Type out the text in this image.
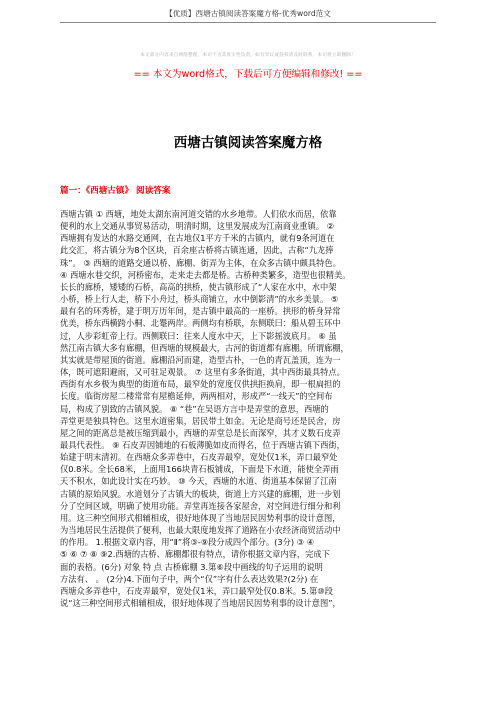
【优质】西塘古镇阅读答案魔方格-优秀word范文
本文部分内容来自网络整理，本司不为其真实性负责，如有异议或侵权请及时联系，本司将立即删除！
== 本文为word格式，下载后可方便编辑和修改! ==
西塘古镇阅读答案魔方格
篇一：《西塘古镇》 阅读答案
西塘古镇 ① 西塘，地处太湖东南河道交错的水乡地带。人们依水而居，依靠
便利的水上交通从事贸易活动，明清时期，这里发展成为江南商业重镇。 ②
西塘拥有发达的水路交通网，在古地仅1平方千米的古镇内，就有9条河道在
此交汇，将古镇分为8个区块，百余座古桥将古镇连通，因此，古称“九龙捧
珠”。 ③ 西塘的道路交通以桥、廊棚、街弄为主体，在众多古镇中颇具特色。
④ 西塘水巷交织，河桥密布，走来走去都是桥。古桥种类繁多，造型也很精美。
长长的廊桥，矮矮的石桥，高高的拱桥，使古镇形成了“人家在水中，水中架
小桥，桥上行人走，桥下小舟过，桥头商铺立，水中倒影清”的水乡美景。 ⑤
最有名的环秀桥，建于明万历年间，是古镇中最高的一座桥。拱形的桥身异常
优美，桥东西横跨小桐、北罨两岸。两侧均有桥联，东侧联曰：船从碧玉环中
过，人步彩虹帝上行。西侧联曰：往来人度水中天，上下影摇波底月。 ⑥ 虽
然江南古镇大多有廊棚，但西塘的规模最大，古河的街道都有廊棚。所谓廊棚，
其实就是带屋顶的街道。廊棚沿河而建，造型古朴，一色的青瓦盖顶，连为一
体，既可遮阳避雨，又可驻足观景。 ⑦ 这里有多条街道，其中西街最具特点。
西街有水乡极为典型的街道布局，最窄处的宽度仅供拱拒换肩，即一根扁担的
长度。临街房屋二楼常常有屋檐延伸，两两相对，形成严“一线天”的空间布
局，构成了别致的古镇风貌。 ⑧ “巷”在吴语方言中是弄堂的意思，西塘的
弄堂更是独具特色。这里水道密集，居民带土如金。无论是商号还是民舍，房
屋之间的距离总是被压缩到最小，西塘的弄堂总是长而深窄，其才义数石皮弄
最具代表性。 ⑨ 石皮弄因铺地的石板薄脆如皮而得名，位于西塘古镇下西街，
始建于明末清初。在西塘众多弄巷中，石皮弄最窄，宽处仅1米，弄口最窄处
仅0.8米。全长68米，上面用166块青石板铺成，下面是下水道，能使全弄雨
天不积水，如此设计实在巧妙。 ⑩ 今天，西塘的水道、街道基本保留了江南
古镇的原始风貌。水道划分了古镇大的板块，街道上方兴建的廊棚，进一步划
分了空间区域，明确了使用功能。弄堂再连接各家屋舍，对空间进行细分和利
用。这三种空间形式相辅相成，很好地体现了当地居民因势利事的设计意图，
为当地居民生活提供了便利，也最大限度地发挥了道路在小农经济商贸活动中
的作用。 1.根据文章内容，用“Ⅱ”将③-⑨段分成四个部分。(3分) ③ ④
⑤ ⑥ ⑦ ⑧ ⑨2.西塘的古桥、廊棚都很有特点，请你根据文章内容，完成下
面的表格。(6分) 对象 特 点 古桥廊棚 3.第⑥段中画线的句子运用的说明
方法有、 。 (2分)4.下面句子中，两个“仅”字有什么表达效果?(2分) 在
西塘众多弄巷中，石皮弄最窄，宽处仅1米，弄口最窄处仅0.8米。5.第⑩段
说“这三种空间形式相辅相成，很好地体现了当地居民因势利事的设计意图”，
